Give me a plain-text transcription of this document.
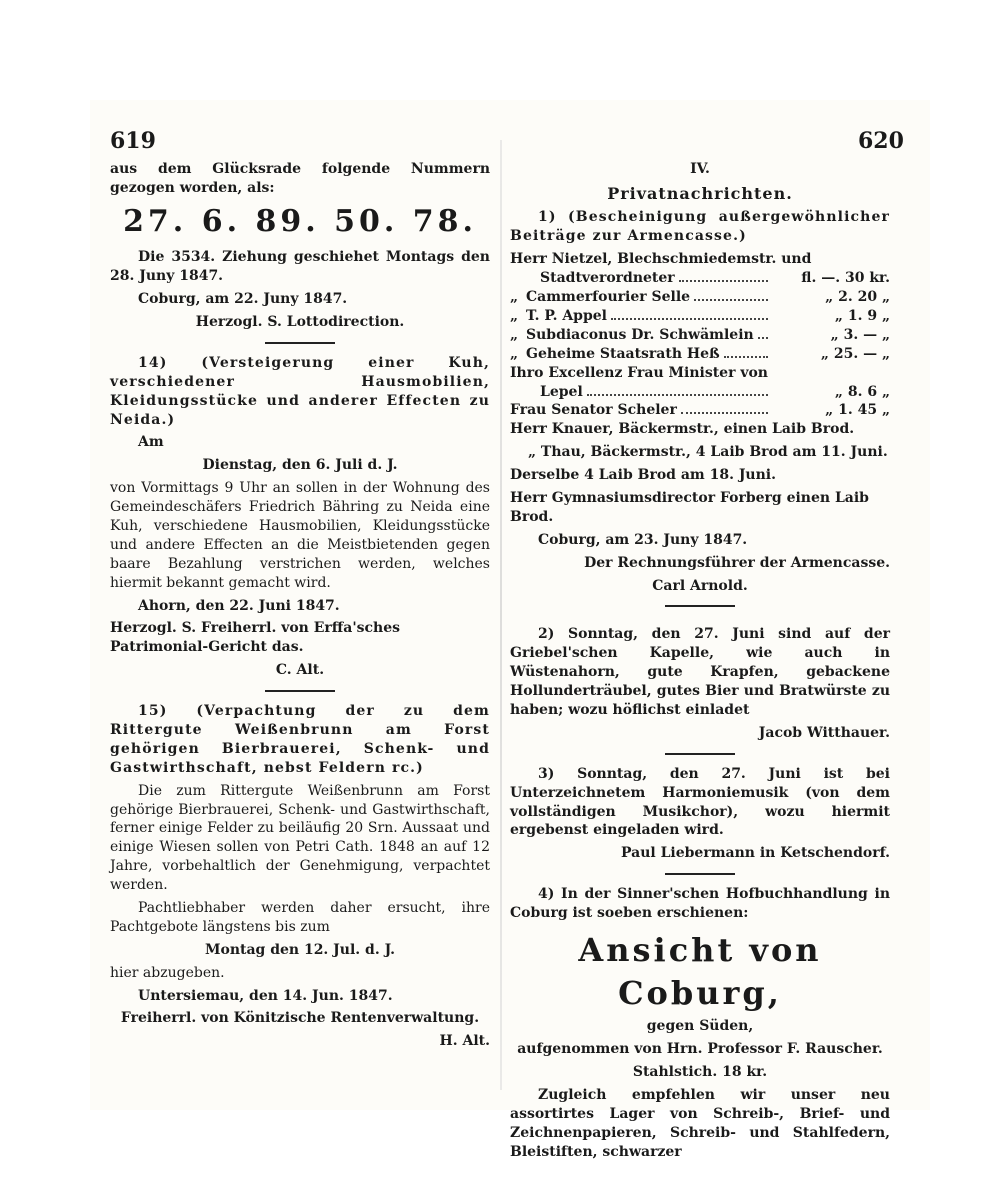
619	620

aus dem Glücksrade folgende Nummern gezogen worden, als:

27. 6. 89. 50. 78.

Die 3534. Ziehung geschiehet Montags den 28. Juny 1847.

Coburg, am 22. Juny 1847.

Herzogl. S. Lottodirection.

14) (Versteigerung einer Kuh, verschiedener Hausmobilien, Kleidungsstücke und anderer Effecten zu Neida.)

Am

Dienstag, den 6. Juli d. J.

von Vormittags 9 Uhr an sollen in der Wohnung des Gemeindeschäfers Friedrich Bähring zu Neida eine Kuh, verschiedene Hausmobilien, Kleidungsstücke und andere Effecten an die Meistbietenden gegen baare Bezahlung verstrichen werden, welches hiermit bekannt gemacht wird.

Ahorn, den 22. Juni 1847.

Herzogl. S. Freiherrl. von Erffa'sches Patrimonial-Gericht das.

C. Alt.

15) (Verpachtung der zu dem Rittergute Weißenbrunn am Forst gehörigen Bierbrauerei, Schenk- und Gastwirthschaft, nebst Feldern rc.)

Die zum Rittergute Weißenbrunn am Forst gehörige Bierbrauerei, Schenk- und Gastwirthschaft, ferner einige Felder zu beiläufig 20 Srn. Aussaat und einige Wiesen sollen von Petri Cath. 1848 an auf 12 Jahre, vorbehaltlich der Genehmigung, verpachtet werden.

Pachtliebhaber werden daher ersucht, ihre Pachtgebote längstens bis zum

Montag den 12. Jul. d. J.

hier abzugeben.

Untersiemau, den 14. Jun. 1847.

Freiherrl. von Könitzische Rentenverwaltung.

H. Alt.

IV.

Privatnachrichten.

1) (Bescheinigung außergewöhnlicher Beiträge zur Armencasse.)

Herr Nietzel, Blechschmiedemstr. und
Stadtverordneter	fl. —. 30 kr.
„ Cammerfourier Selle	„ 2. 20 „
„ T. P. Appel	„ 1. 9 „
„ Subdiaconus Dr. Schwämlein	„ 3. — „
„ Geheime Staatsrath Heß	„ 25. — „
Ihro Excellenz Frau Minister von
Lepel	„ 8. 6 „
Frau Senator Scheler	„ 1. 45 „

Herr Knauer, Bäckermstr., einen Laib Brod.

„ Thau, Bäckermstr., 4 Laib Brod am 11. Juni.

Derselbe 4 Laib Brod am 18. Juni.

Herr Gymnasiumsdirector Forberg einen Laib Brod.

Coburg, am 23. Juny 1847.

Der Rechnungsführer der Armencasse.

Carl Arnold.

2) Sonntag, den 27. Juni sind auf der Griebel'schen Kapelle, wie auch in Wüstenahorn, gute Krapfen, gebackene Hollunderträubel, gutes Bier und Bratwürste zu haben; wozu höflichst einladet

Jacob Witthauer.

3) Sonntag, den 27. Juni ist bei Unterzeichnetem Harmoniemusik (von dem vollständigen Musikchor), wozu hiermit ergebenst eingeladen wird.

Paul Liebermann in Ketschendorf.

4) In der Sinner'schen Hofbuchhandlung in Coburg ist soeben erschienen:

Ansicht von Coburg,

gegen Süden,

aufgenommen von Hrn. Professor F. Rauscher.

Stahlstich. 18 kr.

Zugleich empfehlen wir unser neu assortirtes Lager von Schreib-, Brief- und Zeichnenpapieren, Schreib- und Stahlfedern, Bleistiften, schwarzer
